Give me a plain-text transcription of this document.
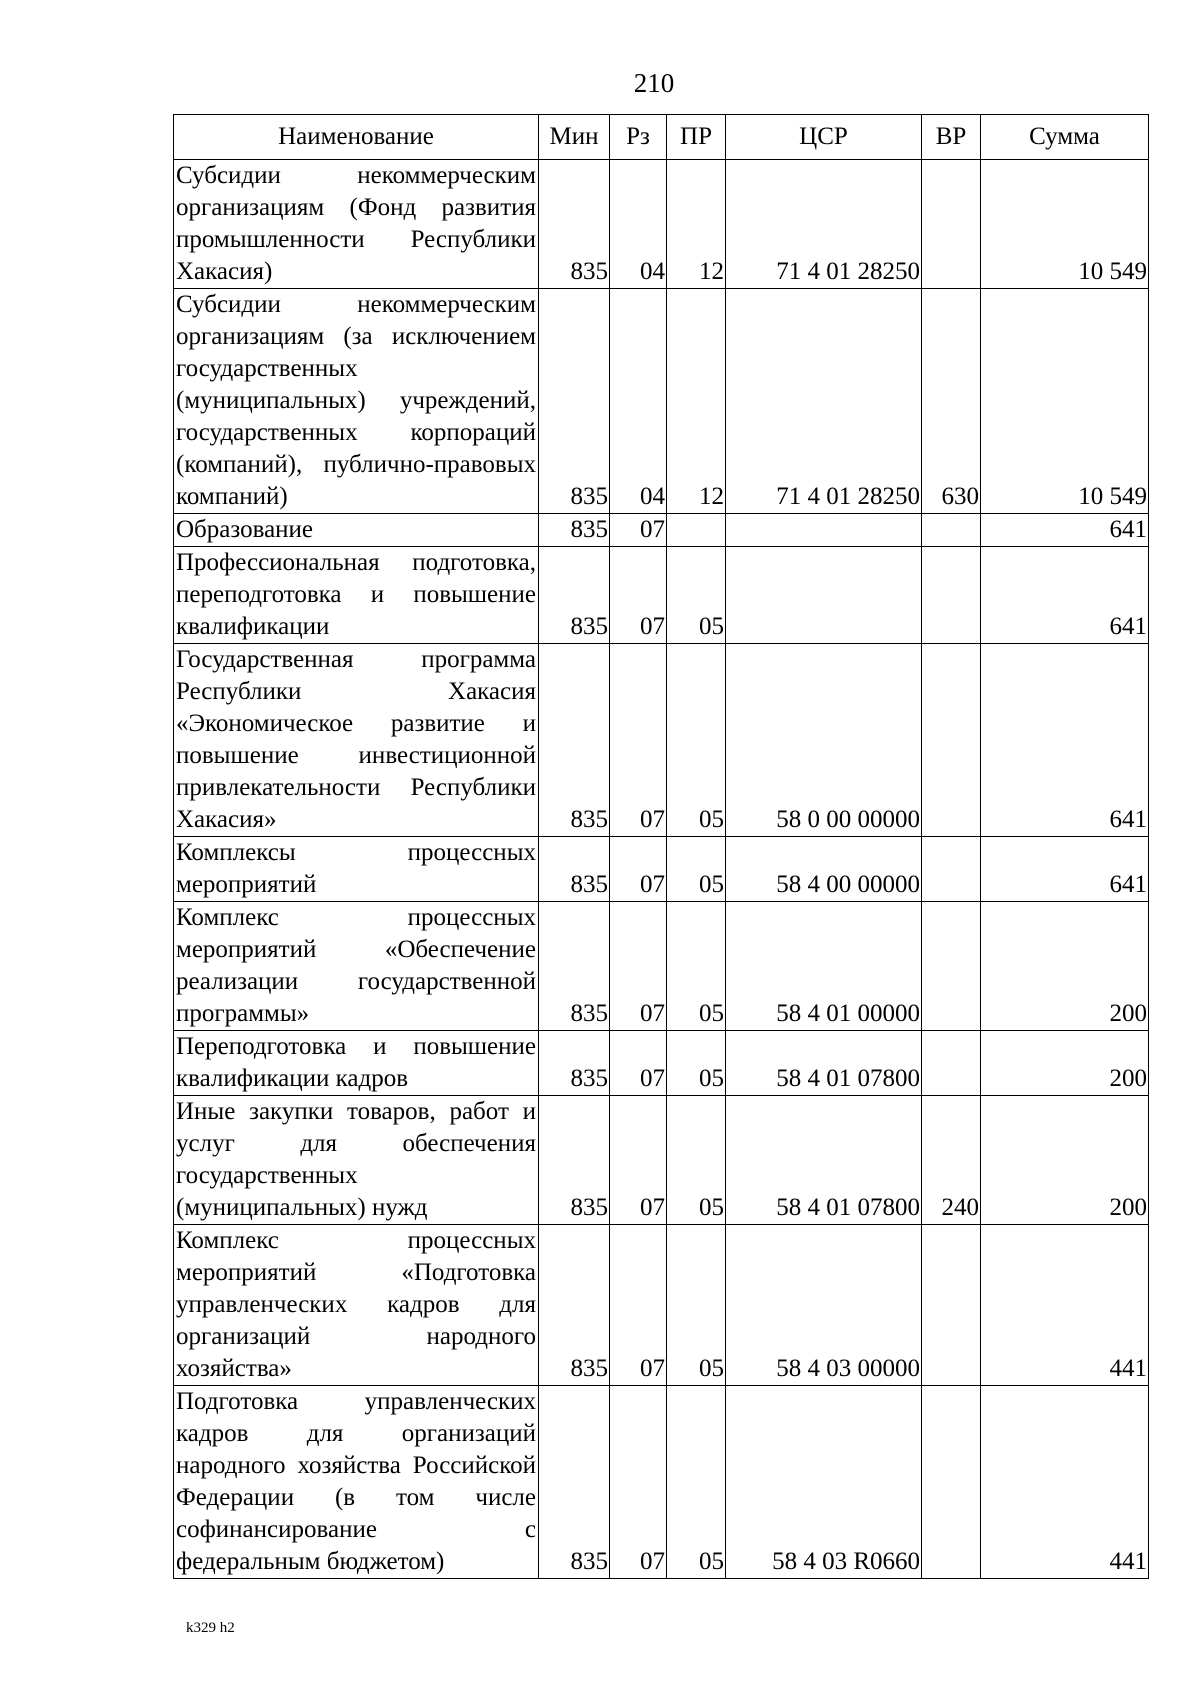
210
Наименование	Мин	Рз	ПР	ЦСР	ВР	Сумма
Субсидии некоммерческим организациям (Фонд развития промышленности Республики Хакасия)	835	04	12	71 4 01 28250		10 549
Субсидии некоммерческим организациям (за исключением государственных (муниципальных) учреждений, государственных корпораций (компаний), публично-правовых компаний)	835	04	12	71 4 01 28250	630	10 549
Образование	835	07				641
Профессиональная подготовка, переподготовка и повышение квалификации	835	07	05			641
Государственная программа Республики Хакасия «Экономическое развитие и повышение инвестиционной привлекательности Республики Хакасия»	835	07	05	58 0 00 00000		641
Комплексы процессных мероприятий	835	07	05	58 4 00 00000		641
Комплекс процессных мероприятий «Обеспечение реализации государственной программы»	835	07	05	58 4 01 00000		200
Переподготовка и повышение квалификации кадров	835	07	05	58 4 01 07800		200
Иные закупки товаров, работ и услуг для обеспечения государственных (муниципальных) нужд	835	07	05	58 4 01 07800	240	200
Комплекс процессных мероприятий «Подготовка управленческих кадров для организаций народного хозяйства»	835	07	05	58 4 03 00000		441
Подготовка управленческих кадров для организаций народного хозяйства Российской Федерации (в том числе софинансирование с федеральным бюджетом)	835	07	05	58 4 03 R0660		441
k329 h2
